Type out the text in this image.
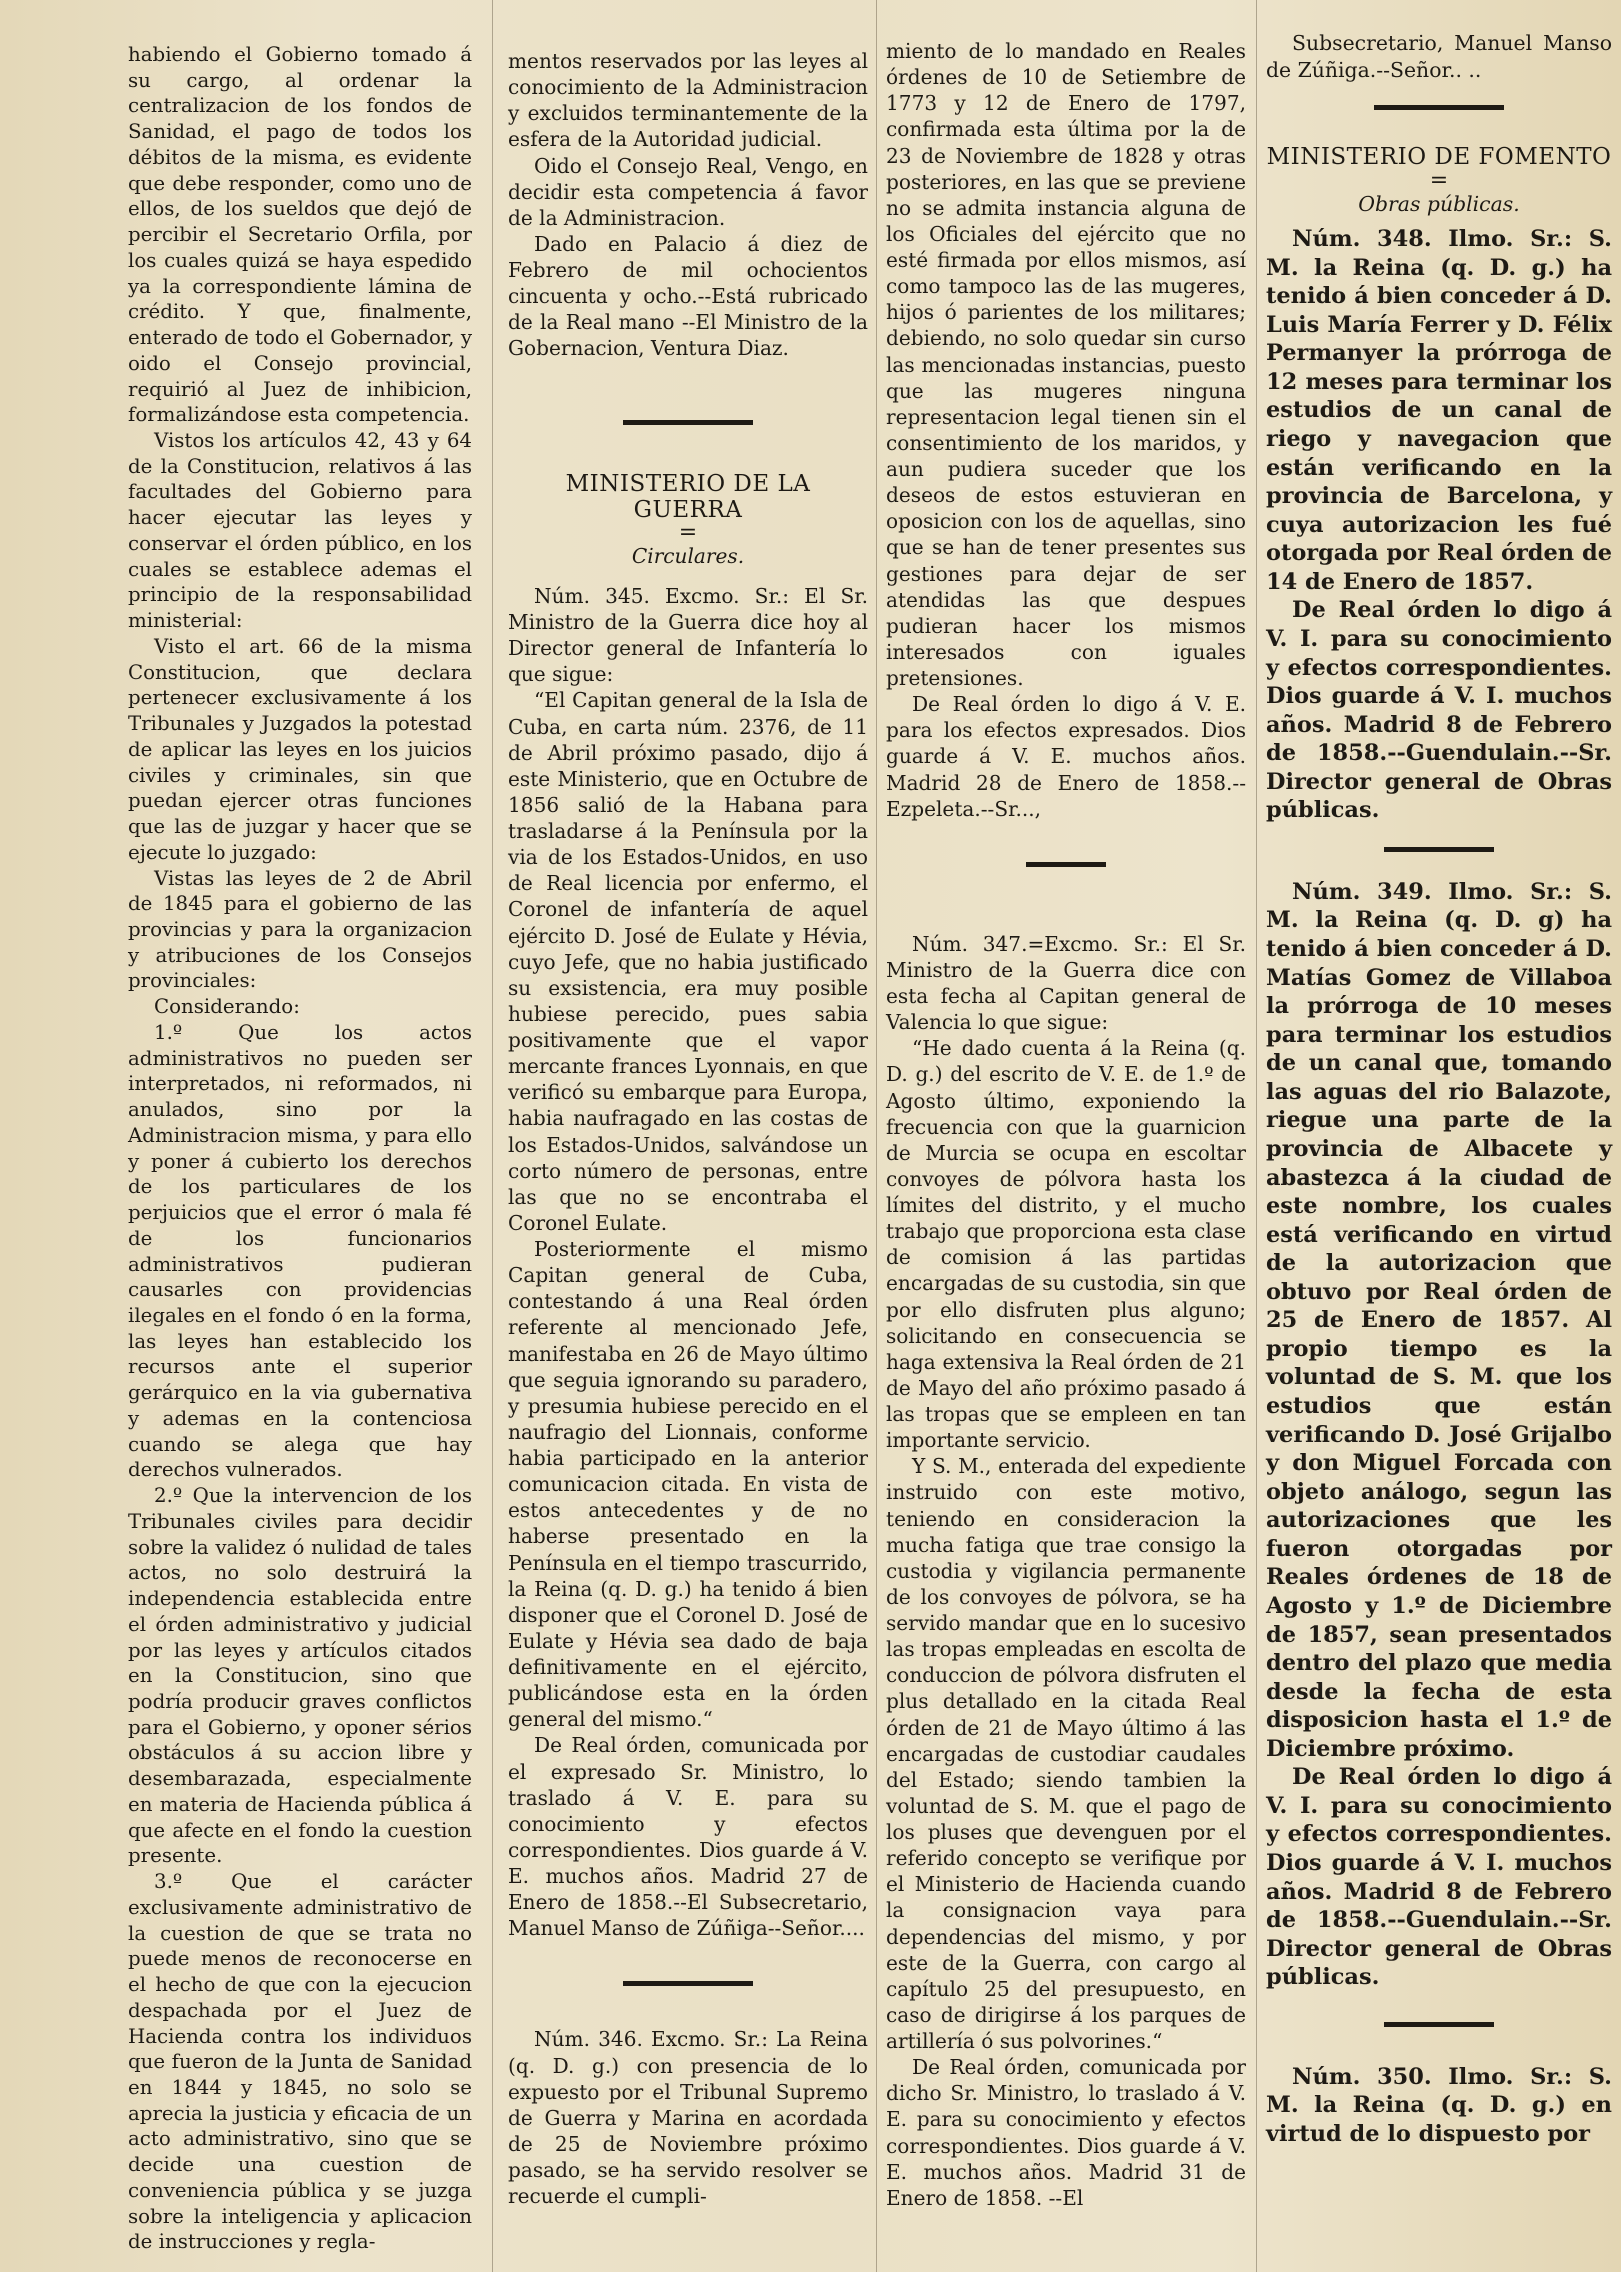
habiendo el Gobierno tomado á su cargo, al ordenar la centralizacion de los fondos de Sanidad, el pago de todos los débitos de la misma, es evidente que debe responder, como uno de ellos, de los sueldos que dejó de percibir el Secretario Orfila, por los cuales quizá se haya espedido ya la correspondiente lámina de crédito. Y que, finalmente, enterado de todo el Gobernador, y oido el Consejo provincial, requirió al Juez de inhibicion, formalizándose esta competencia.

Vistos los artículos 42, 43 y 64 de la Constitucion, relativos á las facultades del Gobierno para hacer ejecutar las leyes y conservar el órden público, en los cuales se establece ademas el principio de la responsabilidad ministerial:

Visto el art. 66 de la misma Constitucion, que declara pertenecer exclusivamente á los Tribunales y Juzgados la potestad de aplicar las leyes en los juicios civiles y criminales, sin que puedan ejercer otras funciones que las de juzgar y hacer que se ejecute lo juzgado:

Vistas las leyes de 2 de Abril de 1845 para el gobierno de las provincias y para la organizacion y atribuciones de los Consejos provinciales:

Considerando:

1.º Que los actos administrativos no pueden ser interpretados, ni reformados, ni anulados, sino por la Administracion misma, y para ello y poner á cubierto los derechos de los particulares de los perjuicios que el error ó mala fé de los funcionarios administrativos pudieran causarles con providencias ilegales en el fondo ó en la forma, las leyes han establecido los recursos ante el superior gerárquico en la via gubernativa y ademas en la contenciosa cuando se alega que hay derechos vulnerados.

2.º Que la intervencion de los Tribunales civiles para decidir sobre la validez ó nulidad de tales actos, no solo destruirá la independencia establecida entre el órden administrativo y judicial por las leyes y artículos citados en la Constitucion, sino que podría producir graves conflictos para el Gobierno, y oponer sérios obstáculos á su accion libre y desembarazada, especialmente en materia de Hacienda pública á que afecte en el fondo la cuestion presente.

3.º Que el carácter exclusivamente administrativo de la cuestion de que se trata no puede menos de reconocerse en el hecho de que con la ejecucion despachada por el Juez de Hacienda contra los individuos que fueron de la Junta de Sanidad en 1844 y 1845, no solo se aprecia la justicia y eficacia de un acto administrativo, sino que se decide una cuestion de conveniencia pública y se juzga sobre la inteligencia y aplicacion de instrucciones y regla-

mentos reservados por las leyes al conocimiento de la Administracion y excluidos terminantemente de la esfera de la Autoridad judicial.

Oido el Consejo Real, Vengo, en decidir esta competencia á favor de la Administracion.

Dado en Palacio á diez de Febrero de mil ochocientos cincuenta y ocho.--Está rubricado de la Real mano --El Ministro de la Gobernacion, Ventura Diaz.

MINISTERIO DE LA GUERRA

=

Circulares.

Núm. 345. Excmo. Sr.: El Sr. Ministro de la Guerra dice hoy al Director general de Infantería lo que sigue:

“El Capitan general de la Isla de Cuba, en carta núm. 2376, de 11 de Abril próximo pasado, dijo á este Ministerio, que en Octubre de 1856 salió de la Habana para trasladarse á la Península por la via de los Estados-Unidos, en uso de Real licencia por enfermo, el Coronel de infantería de aquel ejército D. José de Eulate y Hévia, cuyo Jefe, que no habia justificado su exsistencia, era muy posible hubiese perecido, pues sabia positivamente que el vapor mercante frances Lyonnais, en que verificó su embarque para Europa, habia naufragado en las costas de los Estados-Unidos, salvándose un corto número de personas, entre las que no se encontraba el Coronel Eulate.

Posteriormente el mismo Capitan general de Cuba, contestando á una Real órden referente al mencionado Jefe, manifestaba en 26 de Mayo último que seguia ignorando su paradero, y presumia hubiese perecido en el naufragio del Lionnais, conforme habia participado en la anterior comunicacion citada. En vista de estos antecedentes y de no haberse presentado en la Península en el tiempo trascurrido, la Reina (q. D. g.) ha tenido á bien disponer que el Coronel D. José de Eulate y Hévia sea dado de baja definitivamente en el ejército, publicándose esta en la órden general del mismo.“

De Real órden, comunicada por el expresado Sr. Ministro, lo traslado á V. E. para su conocimiento y efectos correspondientes. Dios guarde á V. E. muchos años. Madrid 27 de Enero de 1858.--El Subsecretario, Manuel Manso de Zúñiga--Señor....

Núm. 346. Excmo. Sr.: La Reina (q. D. g.) con presencia de lo expuesto por el Tribunal Supremo de Guerra y Marina en acordada de 25 de Noviembre próximo pasado, se ha servido resolver se recuerde el cumpli-

miento de lo mandado en Reales órdenes de 10 de Setiembre de 1773 y 12 de Enero de 1797, confirmada esta última por la de 23 de Noviembre de 1828 y otras posteriores, en las que se previene no se admita instancia alguna de los Oficiales del ejército que no esté firmada por ellos mismos, así como tampoco las de las mugeres, hijos ó parientes de los militares; debiendo, no solo quedar sin curso las mencionadas instancias, puesto que las mugeres ninguna representacion legal tienen sin el consentimiento de los maridos, y aun pudiera suceder que los deseos de estos estuvieran en oposicion con los de aquellas, sino que se han de tener presentes sus gestiones para dejar de ser atendidas las que despues pudieran hacer los mismos interesados con iguales pretensiones.

De Real órden lo digo á V. E. para los efectos expresados. Dios guarde á V. E. muchos años. Madrid 28 de Enero de 1858.--Ezpeleta.--Sr...,

Núm. 347.=Excmo. Sr.: El Sr. Ministro de la Guerra dice con esta fecha al Capitan general de Valencia lo que sigue:

“He dado cuenta á la Reina (q. D. g.) del escrito de V. E. de 1.º de Agosto último, exponiendo la frecuencia con que la guarnicion de Murcia se ocupa en escoltar convoyes de pólvora hasta los límites del distrito, y el mucho trabajo que proporciona esta clase de comision á las partidas encargadas de su custodia, sin que por ello disfruten plus alguno; solicitando en consecuencia se haga extensiva la Real órden de 21 de Mayo del año próximo pasado á las tropas que se empleen en tan importante servicio.

Y S. M., enterada del expediente instruido con este motivo, teniendo en consideracion la mucha fatiga que trae consigo la custodia y vigilancia permanente de los convoyes de pólvora, se ha servido mandar que en lo sucesivo las tropas empleadas en escolta de conduccion de pólvora disfruten el plus detallado en la citada Real órden de 21 de Mayo último á las encargadas de custodiar caudales del Estado; siendo tambien la voluntad de S. M. que el pago de los pluses que devenguen por el referido concepto se verifique por el Ministerio de Hacienda cuando la consignacion vaya para dependencias del mismo, y por este de la Guerra, con cargo al capítulo 25 del presupuesto, en caso de dirigirse á los parques de artillería ó sus polvorines.“

De Real órden, comunicada por dicho Sr. Ministro, lo traslado á V. E. para su conocimiento y efectos correspondientes. Dios guarde á V. E. muchos años. Madrid 31 de Enero de 1858. --El

Subsecretario, Manuel Manso de Zúñiga.--Señor.. ..

MINISTERIO DE FOMENTO

=

Obras públicas.

Núm. 348. Ilmo. Sr.: S. M. la Reina (q. D. g.) ha tenido á bien conceder á D. Luis María Ferrer y D. Félix Permanyer la prórroga de 12 meses para terminar los estudios de un canal de riego y navegacion que están verificando en la provincia de Barcelona, y cuya autorizacion les fué otorgada por Real órden de 14 de Enero de 1857.

De Real órden lo digo á V. I. para su conocimiento y efectos correspondientes. Dios guarde á V. I. muchos años. Madrid 8 de Febrero de 1858.--Guendulain.--Sr. Director general de Obras públicas.

Núm. 349. Ilmo. Sr.: S. M. la Reina (q. D. g) ha tenido á bien conceder á D. Matías Gomez de Villaboa la prórroga de 10 meses para terminar los estudios de un canal que, tomando las aguas del rio Balazote, riegue una parte de la provincia de Albacete y abastezca á la ciudad de este nombre, los cuales está verificando en virtud de la autorizacion que obtuvo por Real órden de 25 de Enero de 1857. Al propio tiempo es la voluntad de S. M. que los estudios que están verificando D. José Grijalbo y don Miguel Forcada con objeto análogo, segun las autorizaciones que les fueron otorgadas por Reales órdenes de 18 de Agosto y 1.º de Diciembre de 1857, sean presentados dentro del plazo que media desde la fecha de esta disposicion hasta el 1.º de Diciembre próximo.

De Real órden lo digo á V. I. para su conocimiento y efectos correspondientes. Dios guarde á V. I. muchos años. Madrid 8 de Febrero de 1858.--Guendulain.--Sr. Director general de Obras públicas.

Núm. 350. Ilmo. Sr.: S. M. la Reina (q. D. g.) en virtud de lo dispuesto por
